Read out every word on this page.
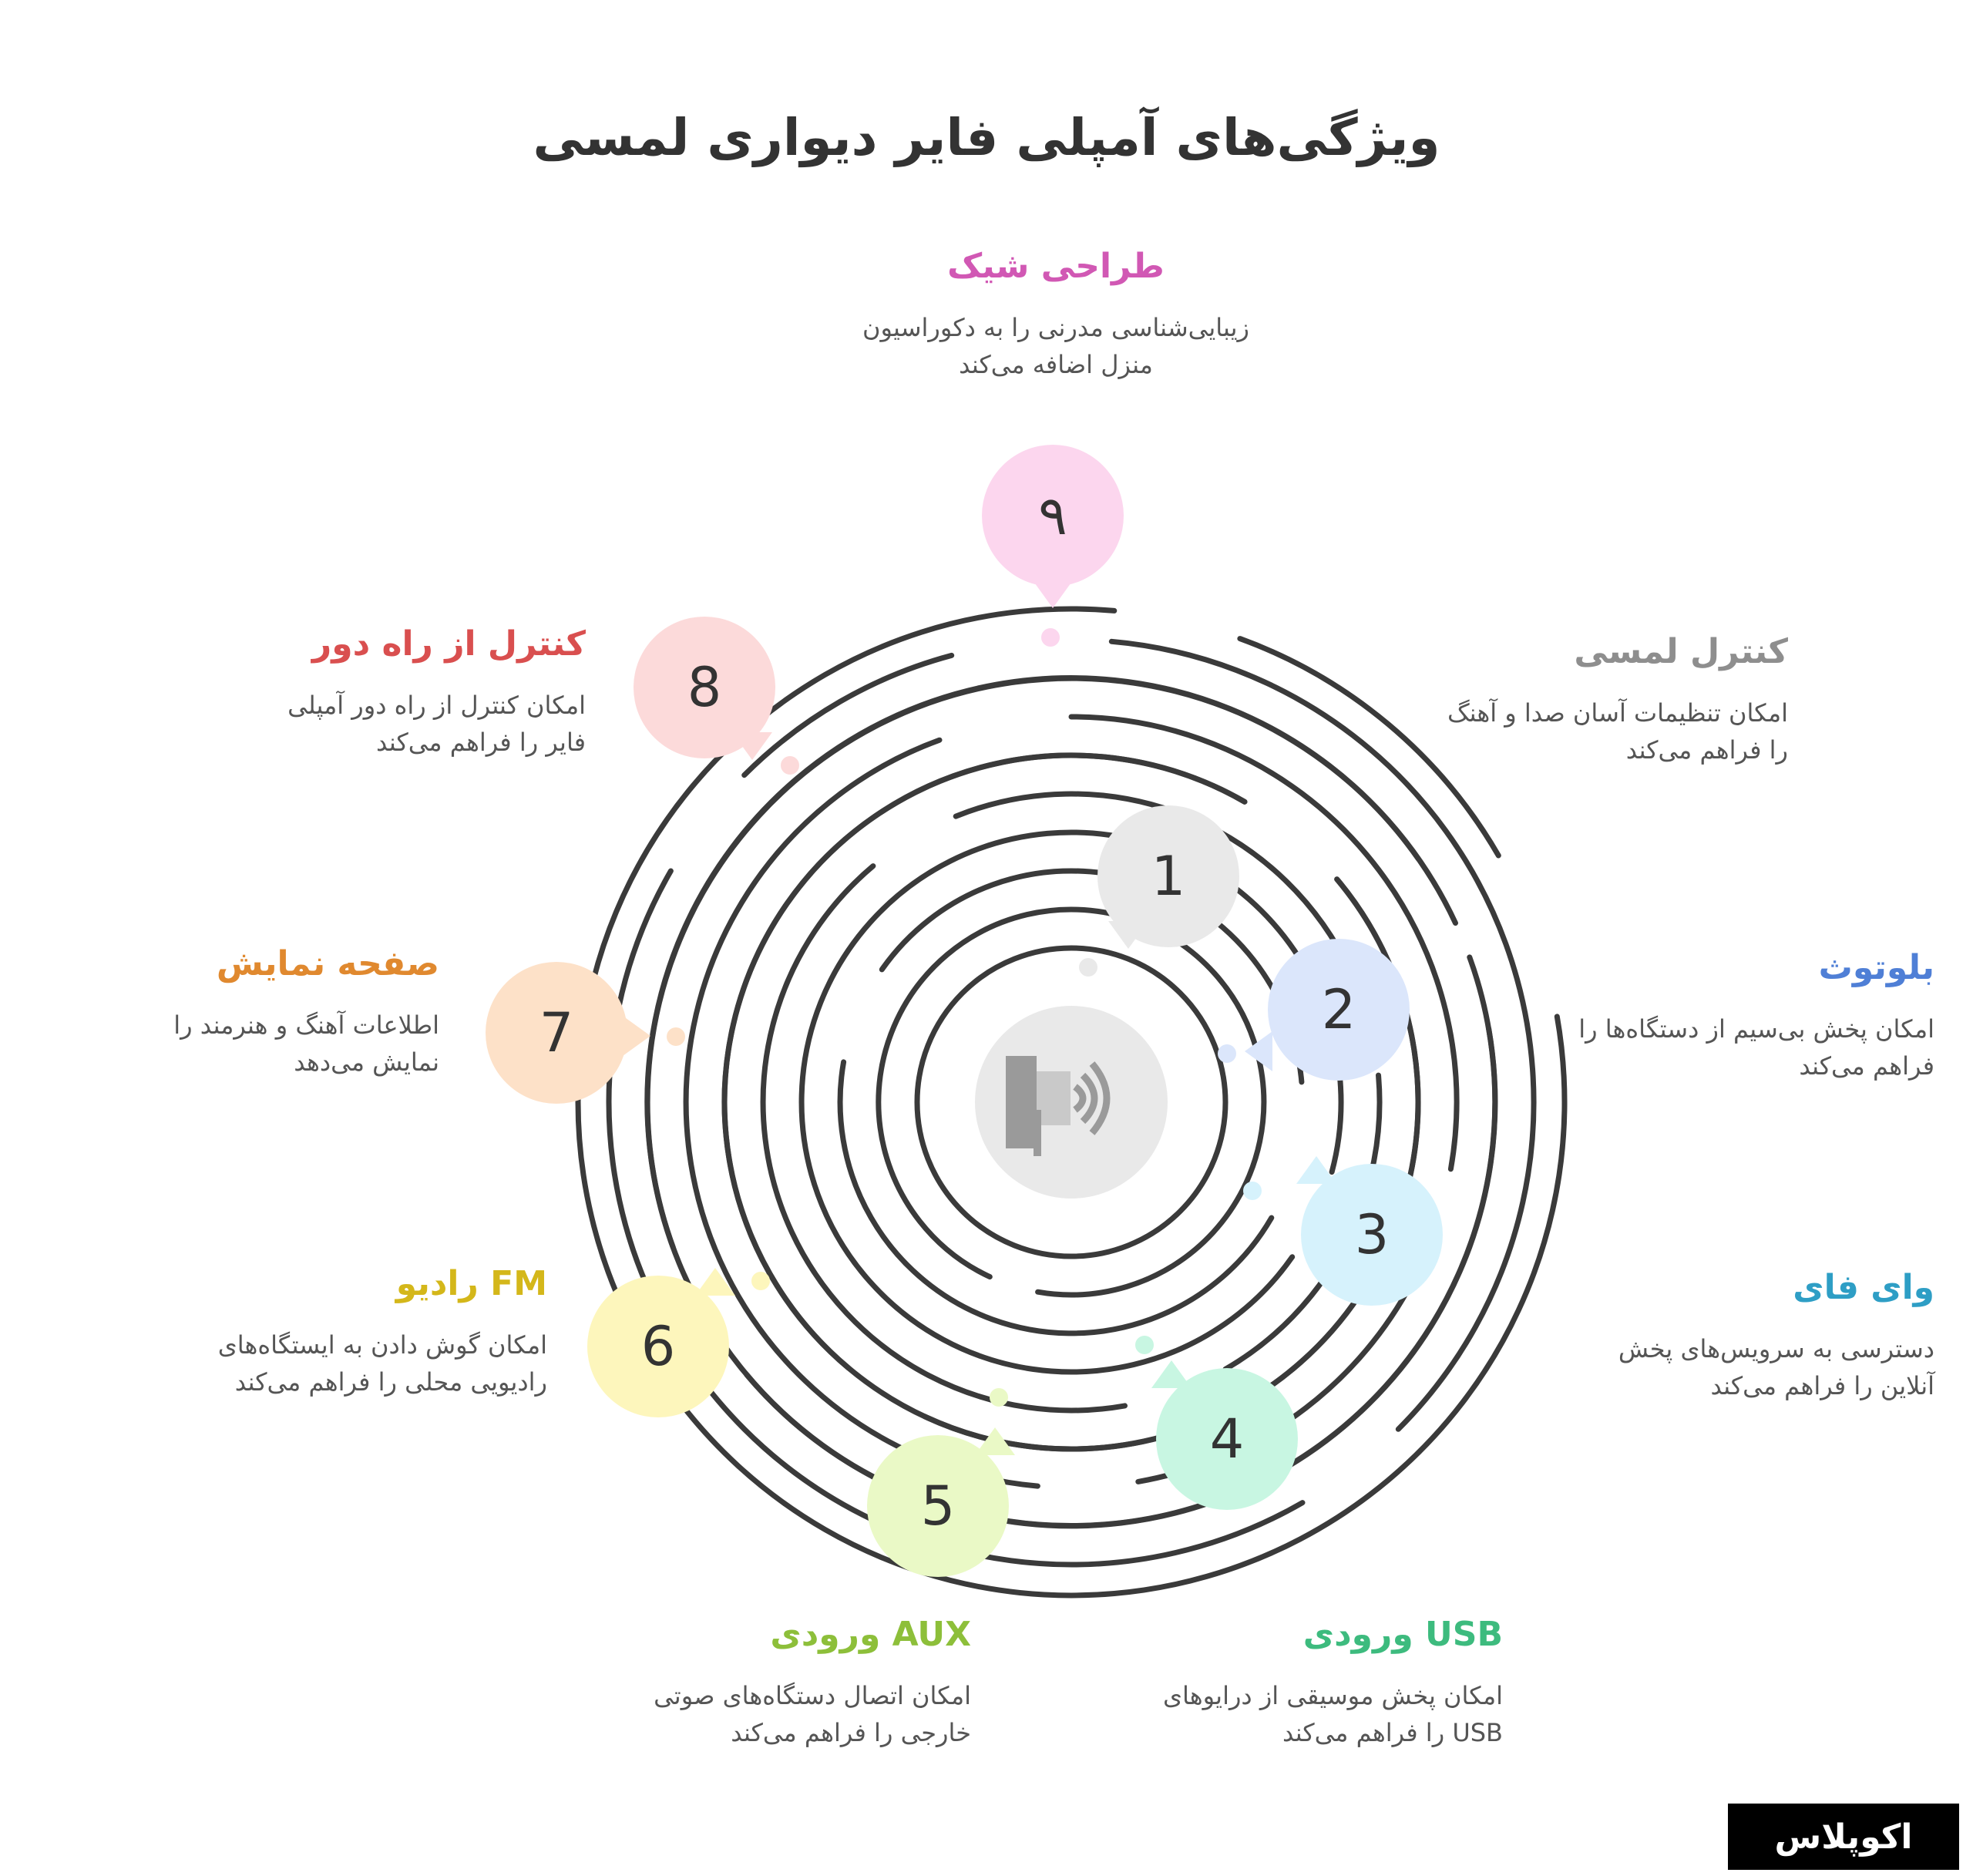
ویژگی‌های آمپلی فایر دیواری لمسی
1
کنترل لمسی

امکان تنظیمات آسان صدا و آهنگ
را فراهم می‌کند

2
بلوتوث

امکان پخش بی‌سیم از دستگاه‌ها را
فراهم می‌کند

3
وای فای

دسترسی به سرویس‌های پخش
آنلاین را فراهم می‌کند

4
USB ورودی

امکان پخش موسیقی از درایوهای
USB را فراهم می‌کند

5
AUX ورودی

امکان اتصال دستگاه‌های صوتی
خارجی را فراهم می‌کند

6
FM رادیو

امکان گوش دادن به ایستگاه‌های
رادیویی محلی را فراهم می‌کند

7
صفحه نمایش

اطلاعات آهنگ و هنرمند را
نمایش می‌دهد

8
کنترل از راه دور

امکان کنترل از راه دور آمپلی
فایر را فراهم می‌کند

۹
طراحی شیک

زیبایی‌شناسی مدرنی را به دکوراسیون
منزل اضافه می‌کند

اکوپلاس
